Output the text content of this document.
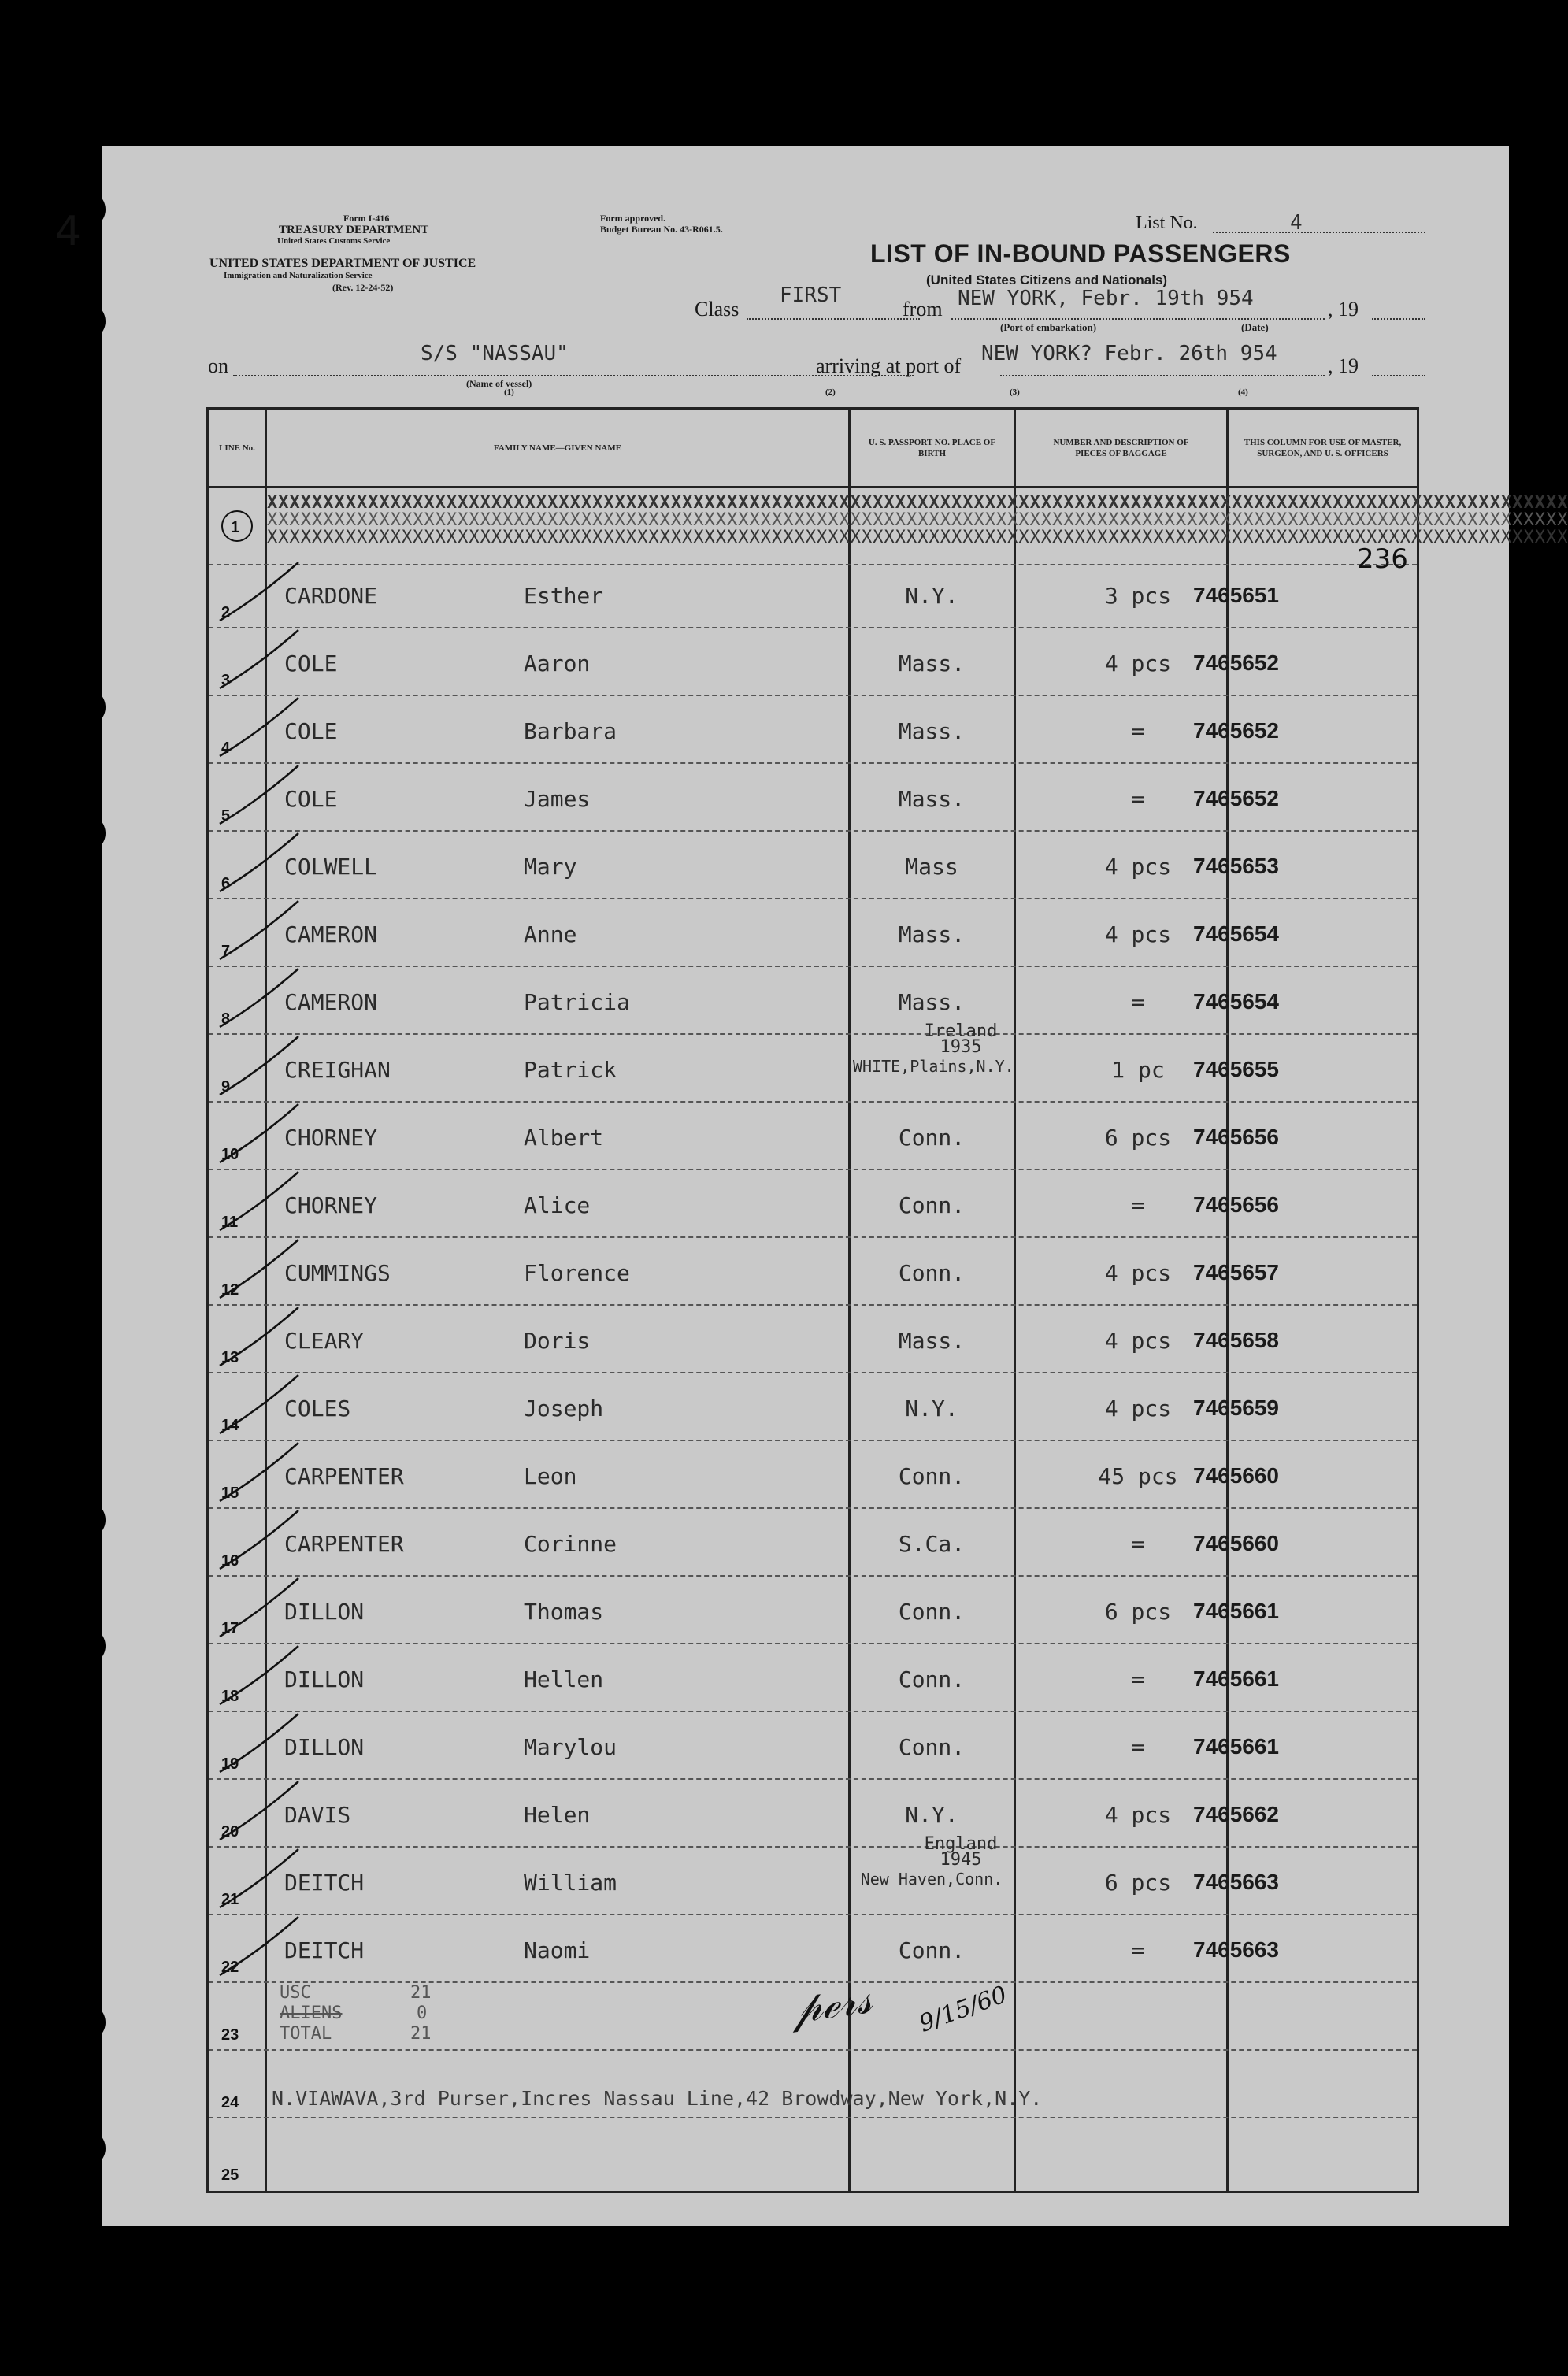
4	Form I-416
TREASURY DEPARTMENT
United States Customs Service
UNITED STATES DEPARTMENT OF JUSTICE
Immigration and Naturalization Service
(Rev. 12-24-52)
Form approved.
Budget Bureau No. 43-R061.5.	List No.	4
LIST OF IN-BOUND PASSENGERS
(United States Citizens and Nationals)
Class
FIRST
from NEW YORK, Febr. 19th 954	, 19
(Port of embarkation)	(Date)
on
S/S "NASSAU"
arriving at port of
NEW YORK? Febr. 26th 954
, 19
(Name of vessel)
(1)	(2)	(3)	(4)
LINE No.	FAMILY NAME—GIVEN NAME
U. S. PASSPORT NO. PLACE OF BIRTH
NUMBER AND DESCRIPTION OF PIECES OF BAGGAGE
THIS COLUMN FOR USE OF MASTER, SURGEON, AND U. S. OFFICERS
1
XXXXXXXXXXXXXXXXXXXXXXXXXXXXXXXXXXXXXXXXXXXXXXXXXXXXXXXXXXXXXXXXXXXXXXXXXXXXXXXXXXXXXXXXXXXXXXXXXXXXXXXXXXXXXXXXXXXX
XXXXXXXXXXXXXXXXXXXXXXXXXXXXXXXXXXXXXXXXXXXXXXXXXXXXXXXXXXXXXXXXXXXXXXXXXXXXXXXXXXXXXXXXXXXXXXXXXXXXXXXXXXXXXXXXXXXX
XXXXXXXXXXXXXXXXXXXXXXXXXXXXXXXXXXXXXXXXXXXXXXXXXXXXXXXXXXXXXXXXXXXXXXXXXXXXXXXXXXXXXXXXXXXXXXXXXXXXXXXXXXXXXXXXXXXX
236
2
CARDONE	Esther	N.Y.	3 pcs 7465651
3
COLE	Aaron	Mass.	4 pcs 7465652
4
COLE	Barbara	Mass.	=	7465652
5
COLE	James	Mass.	=	7465652
6
COLWELL	Mary	Mass	4 pcs 7465653
7
CAMERON	Anne	Mass.	4 pcs 7465654
8
CAMERON	Patricia	Mass.	=	7465654
9
CREIGHAN	Patrick	WHITE,Plains,N.Y.
Ireland 1935
1 pc	7465655
10
CHORNEY	Albert	Conn.	6 pcs 7465656
11
CHORNEY	Alice	Conn.	=	7465656
12
CUMMINGS	Florence	Conn.	4 pcs 7465657
13
CLEARY	Doris	Mass.	4 pcs 7465658
14
COLES	Joseph	N.Y.	4 pcs 7465659
15
CARPENTER	Leon	Conn.	45 pcs 7465660
16
CARPENTER	Corinne	S.Ca.	=	7465660
17
DILLON	Thomas	Conn.	6 pcs 7465661
18
DILLON	Hellen	Conn.	=	7465661
19
DILLON	Marylou	Conn.	=	7465661
20
DAVIS	Helen	N.Y.	4 pcs 7465662
21
DEITCH	William	New Haven,Conn.
England 1945
6 pcs 7465663
22
DEITCH	Naomi	Conn.	=	7465663
23
USC	21
ALIENS	0
TOTAL	21
𝓅ℯ𝓇𝓈 9/15/60
24 N.VIAWAVA,3rd Purser,Incres Nassau Line,42 Browdway,New York,N.Y.
25
